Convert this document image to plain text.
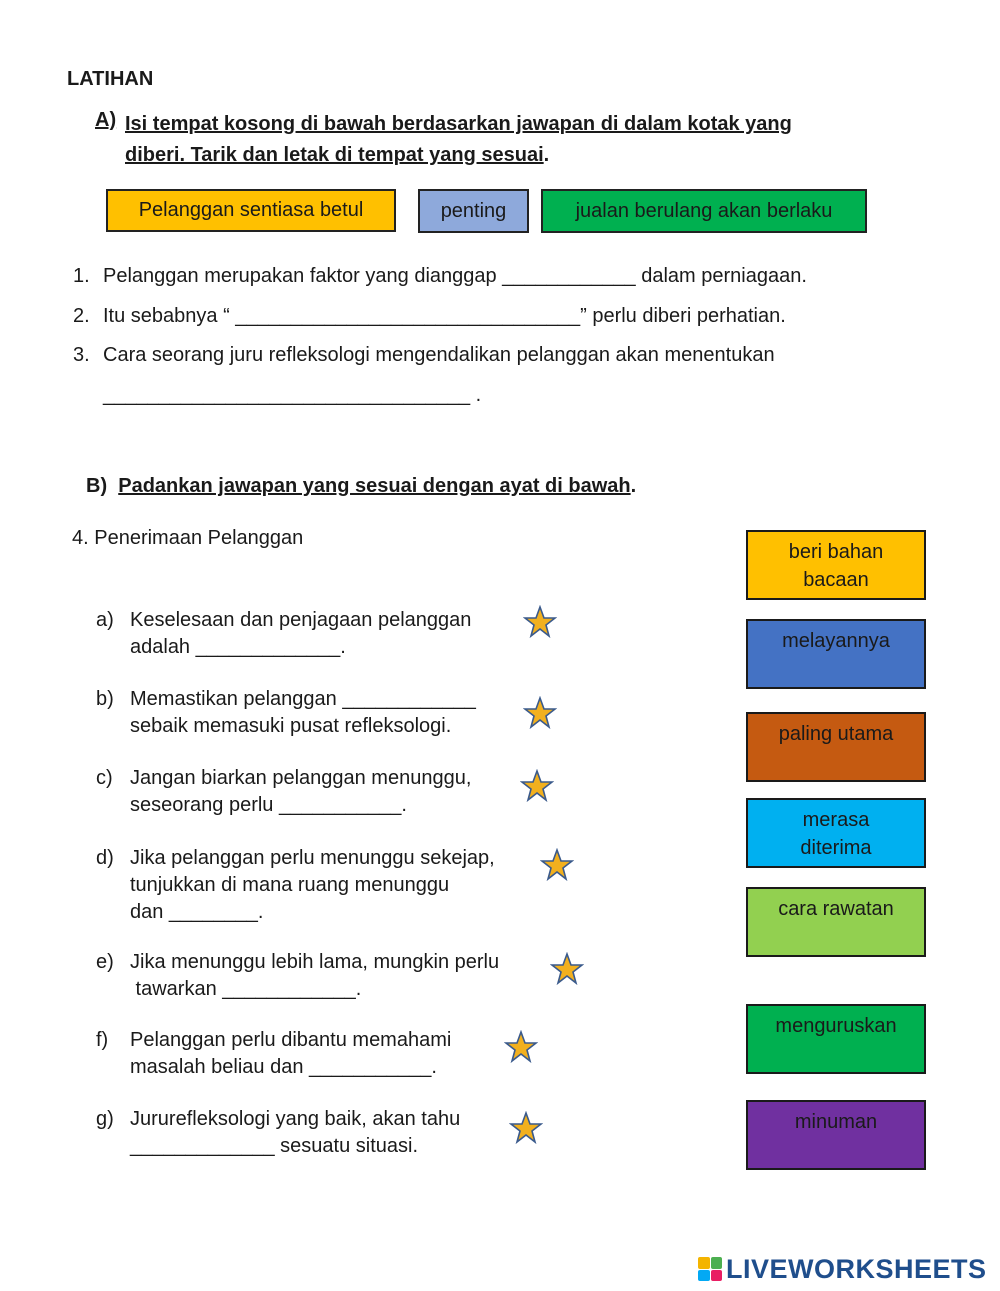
LATIHAN
A) Isi tempat kosong di bawah berdasarkan jawapan di dalam kotak yang
diberi. Tarik dan letak di tempat yang sesuai.
Pelanggan sentiasa betul	penting	jualan berulang akan berlaku
1. Pelanggan merupakan faktor yang dianggap ____________ dalam perniagaan.
2. Itu sebabnya “ _______________________________” perlu diberi perhatian.
3. Cara seorang juru refleksologi mengendalikan pelanggan akan menentukan
_________________________________ .
B) Padankan jawapan yang sesuai dengan ayat di bawah.
4. Penerimaan Pelanggan
a) Keselesaan dan penjagaan pelanggan
adalah _____________.
b) Memastikan pelanggan ____________
sebaik memasuki pusat refleksologi.
c) Jangan biarkan pelanggan menunggu,
seseorang perlu ___________.
d) Jika pelanggan perlu menunggu sekejap,
tunjukkan di mana ruang menunggu
dan ________.
e) Jika menunggu lebih lama, mungkin perlu
tawarkan ____________.
f) Pelanggan perlu dibantu memahami
masalah beliau dan ___________.
g) Jururefleksologi yang baik, akan tahu
_____________ sesuatu situasi.
beri bahan bacaan
melayannya
paling utama
merasa diterima
cara rawatan
menguruskan
minuman
LIVEWORKSHEETS
